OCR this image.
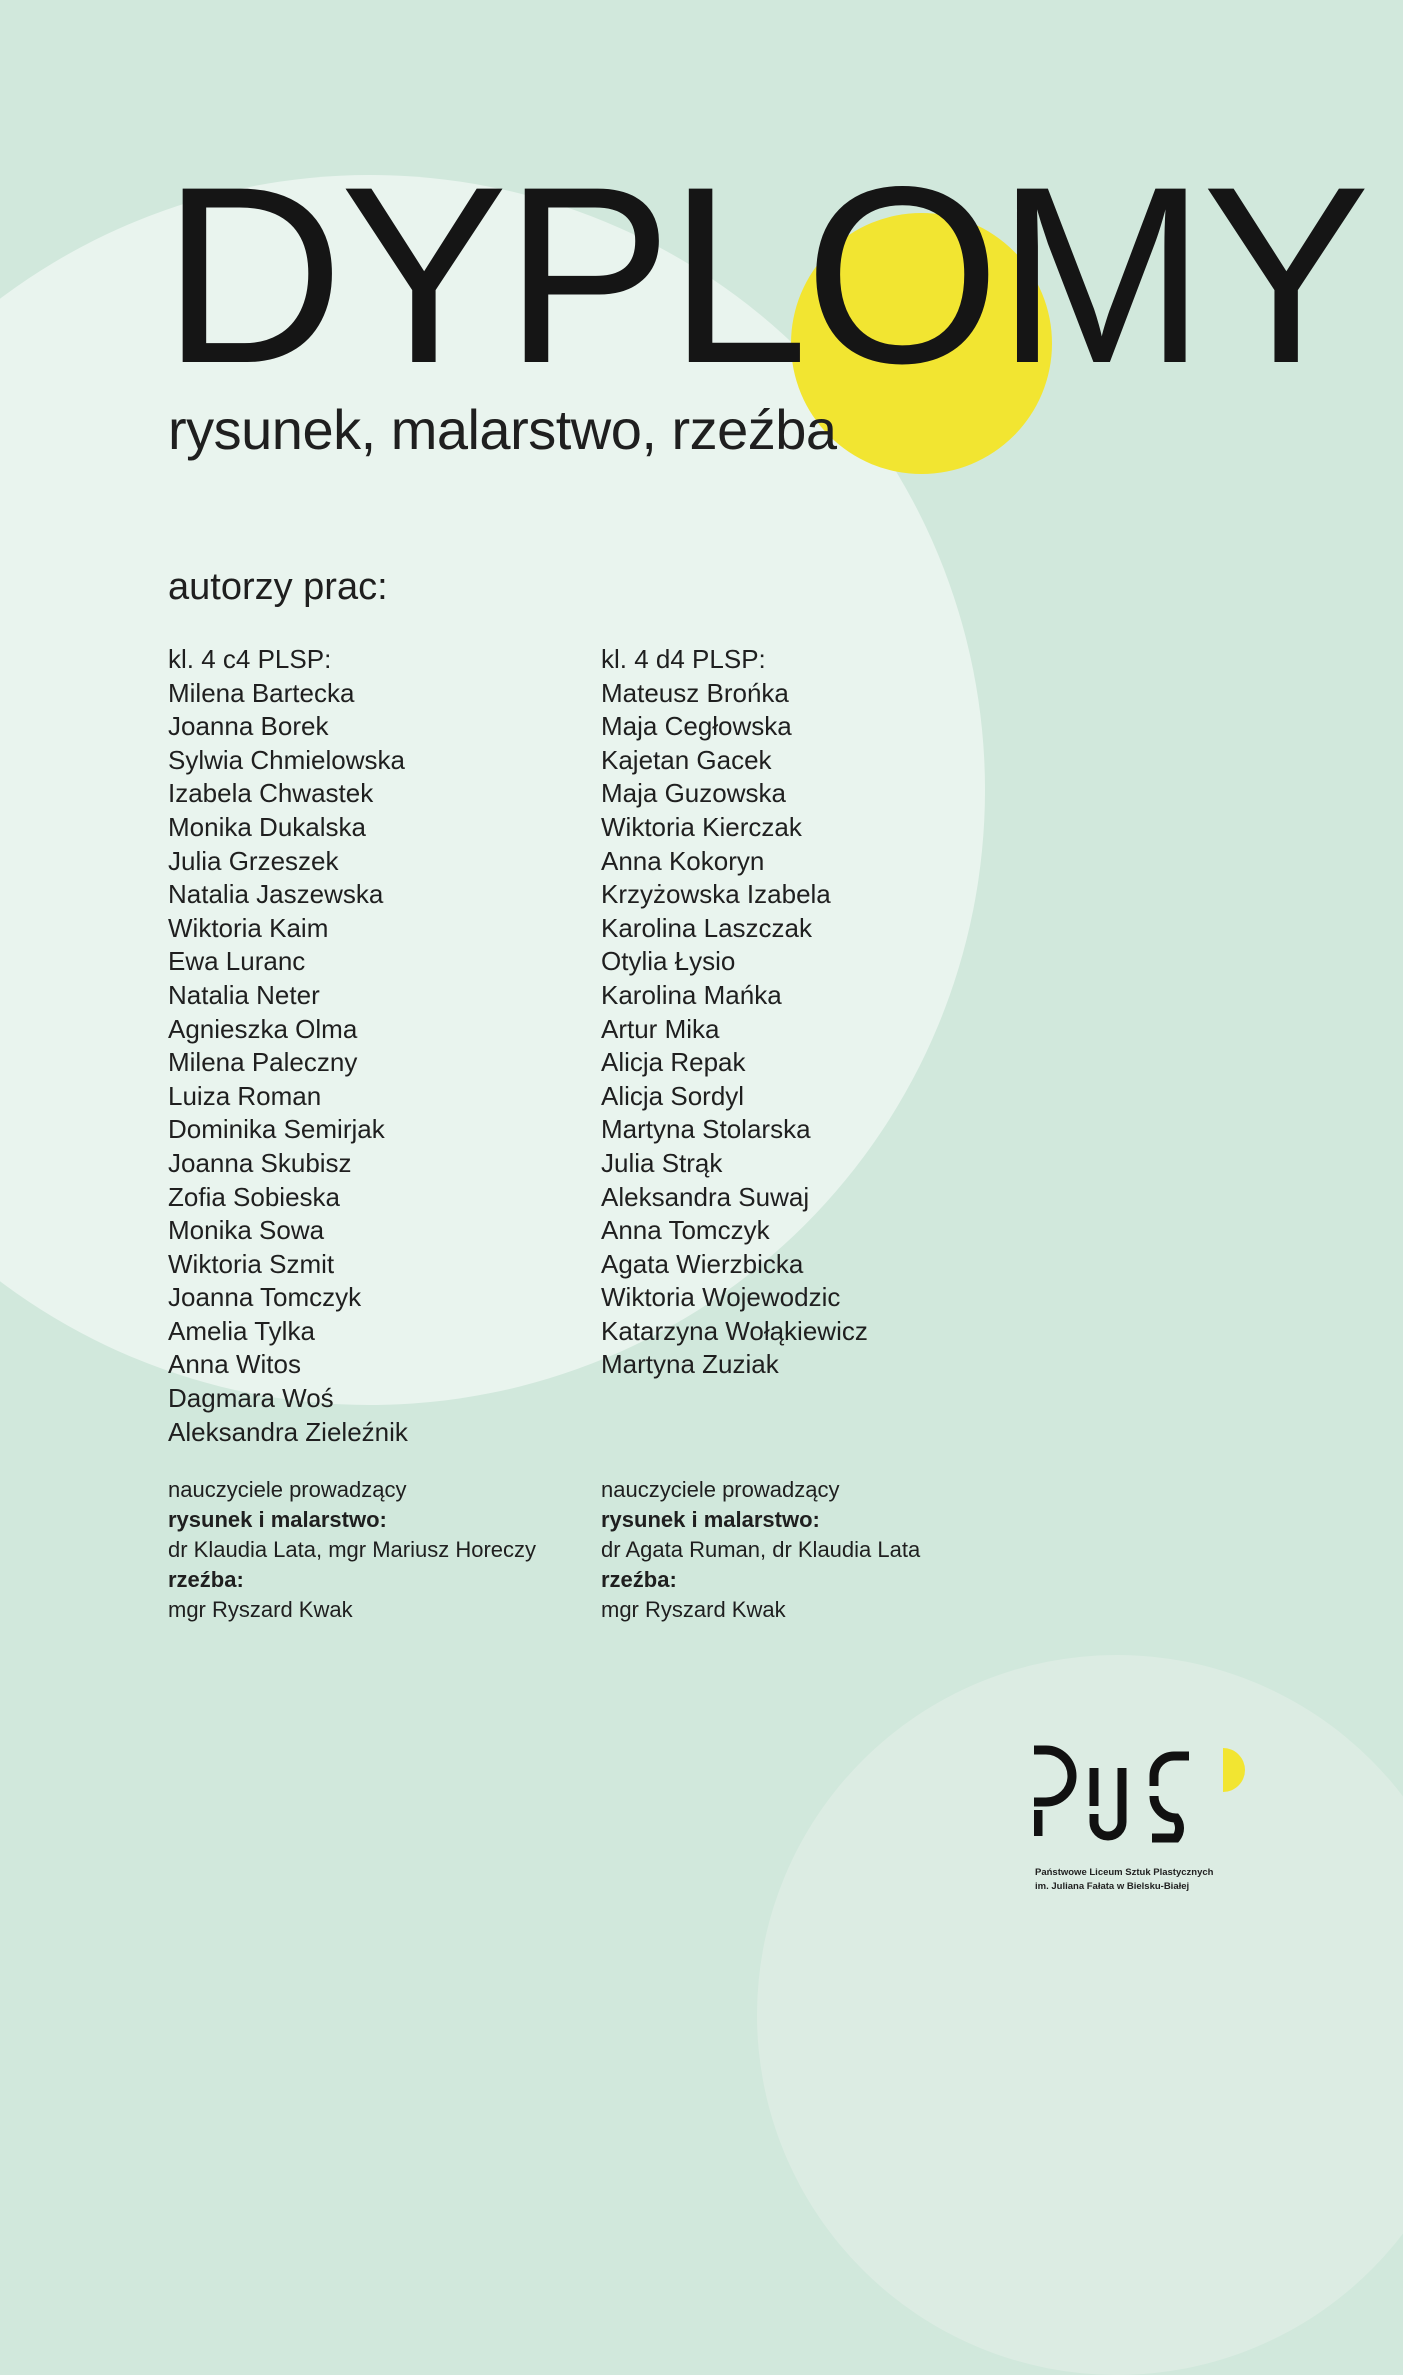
DYPLOMY
rysunek, malarstwo, rzeźba
autorzy prac:
kl. 4 c4 PLSP:
Milena Bartecka
Joanna Borek
Sylwia Chmielowska
Izabela Chwastek
Monika Dukalska
Julia Grzeszek
Natalia Jaszewska
Wiktoria Kaim
Ewa Luranc
Natalia Neter
Agnieszka Olma
Milena Paleczny
Luiza Roman
Dominika Semirjak
Joanna Skubisz
Zofia Sobieska
Monika Sowa
Wiktoria Szmit
Joanna Tomczyk
Amelia Tylka
Anna Witos
Dagmara Woś
Aleksandra Zieleźnik
kl. 4 d4 PLSP:
Mateusz Brońka
Maja Cegłowska
Kajetan Gacek
Maja Guzowska
Wiktoria Kierczak
Anna Kokoryn
Krzyżowska Izabela
Karolina Laszczak
Otylia Łysio
Karolina Mańka
Artur Mika
Alicja Repak
Alicja Sordyl
Martyna Stolarska
Julia Strąk
Aleksandra Suwaj
Anna Tomczyk
Agata Wierzbicka
Wiktoria Wojewodzic
Katarzyna Wołąkiewicz
Martyna Zuziak
nauczyciele prowadzący
rysunek i malarstwo:
dr Klaudia Lata, mgr Mariusz Horeczy
rzeźba:
mgr Ryszard Kwak
nauczyciele prowadzący
rysunek i malarstwo:
dr Agata Ruman, dr Klaudia Lata
rzeźba:
mgr Ryszard Kwak
Państwowe Liceum Sztuk Plastycznych
im. Juliana Fałata w Bielsku-Białej
